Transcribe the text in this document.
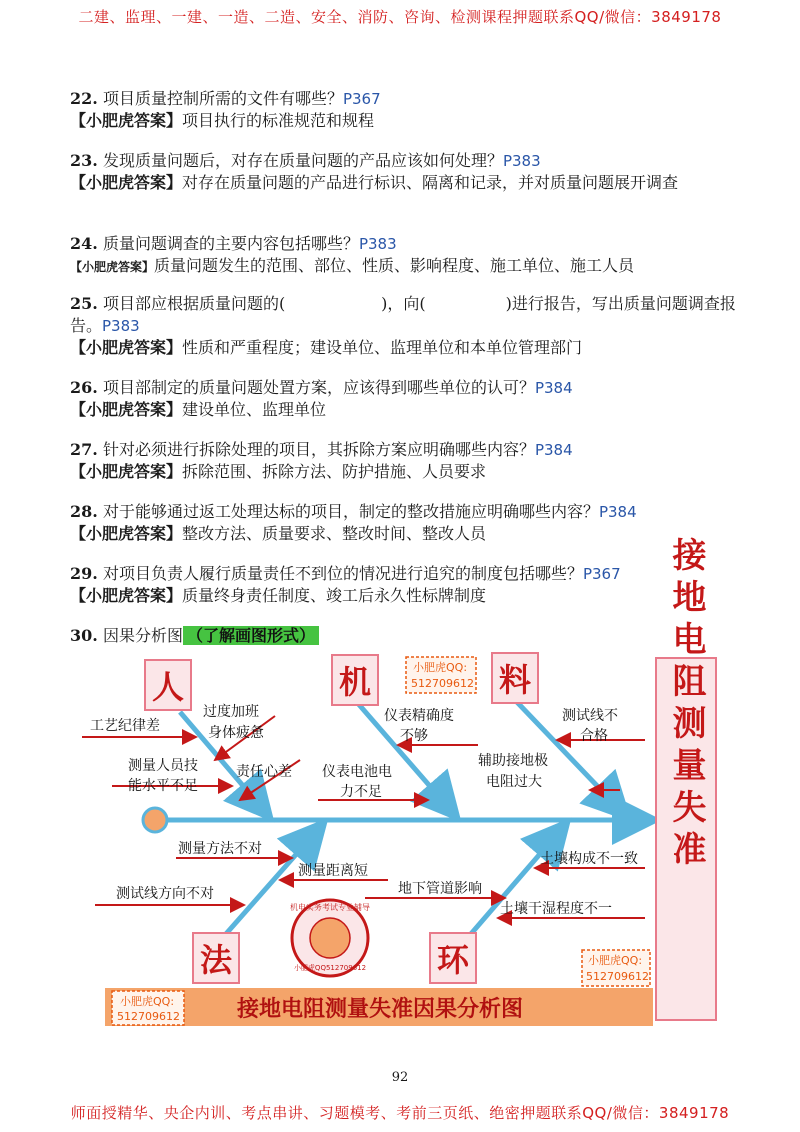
二建、监理、一建、一造、二造、安全、消防、咨询、检测课程押题联系QQ/微信：3849178
22. 项目质量控制所需的文件有哪些？P367
【小肥虎答案】项目执行的标准规范和规程
23. 发现质量问题后，对存在质量问题的产品应该如何处理？P383
【小肥虎答案】对存在质量问题的产品进行标识、隔离和记录，并对质量问题展开调查
24. 质量问题调查的主要内容包括哪些？P383
【小肥虎答案】质量问题发生的范围、部位、性质、影响程度、施工单位、施工人员
25. 项目部应根据质量问题的(　　　　　　)，向(　　　　　)进行报告，写出质量问题调查报告。P383
【小肥虎答案】性质和严重程度；建设单位、监理单位和本单位管理部门
26. 项目部制定的质量问题处置方案，应该得到哪些单位的认可？P384
【小肥虎答案】建设单位、监理单位
27. 针对必须进行拆除处理的项目，其拆除方案应明确哪些内容？P384
【小肥虎答案】拆除范围、拆除方法、防护措施、人员要求
28. 对于能够通过返工处理达标的项目，制定的整改措施应明确哪些内容？P384
【小肥虎答案】整改方法、质量要求、整改时间、整改人员
29. 对项目负责人履行质量责任不到位的情况进行追究的制度包括哪些？P367
【小肥虎答案】质量终身责任制度、竣工后永久性标牌制度
30. 因果分析图 （了解画图形式）
人	机	料
法	环
接地电阻测量失准
工艺纪律差
过度加班
身体疲惫
测量人员技
能水平不足
责任心差
仪表精确度
不够
仪表电池电
力不足
测试线不
合格
辅助接地极
电阻过大
测量方法不对
测量距离短
测试线方向不对
土壤构成不一致
地下管道影响
土壤干湿程度不一
小肥虎QQ:
512709612
小肥虎QQ:
512709612
机电实务考试专业辅导
小肥虎QQ512709612
小肥虎QQ:
512709612	接地电阻测量失准因果分析图
92
师面授精华、央企内训、考点串讲、习题模考、考前三页纸、绝密押题联系QQ/微信：3849178
